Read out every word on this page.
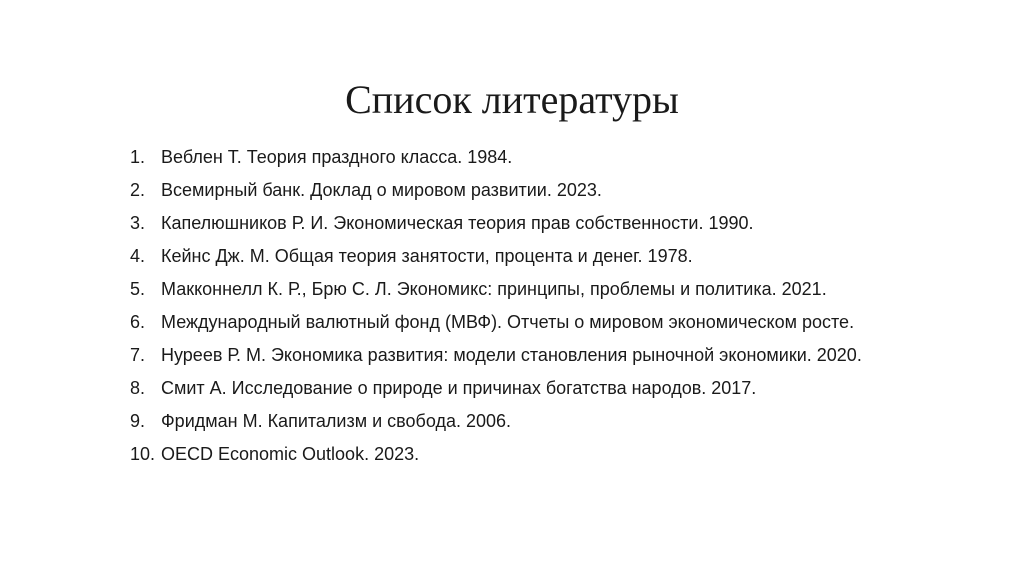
Список литературы
1. Веблен Т. Теория праздного класса. 1984.
2. Всемирный банк. Доклад о мировом развитии. 2023.
3. Капелюшников Р. И. Экономическая теория прав собственности. 1990.
4. Кейнс Дж. М. Общая теория занятости, процента и денег. 1978.
5. Макконнелл К. Р., Брю С. Л. Экономикс: принципы, проблемы и политика. 2021.
6. Международный валютный фонд (МВФ). Отчеты о мировом экономическом росте.
7. Нуреев Р. М. Экономика развития: модели становления рыночной экономики. 2020.
8. Смит А. Исследование о природе и причинах богатства народов. 2017.
9. Фридман М. Капитализм и свобода. 2006.
10. OECD Economic Outlook. 2023.
